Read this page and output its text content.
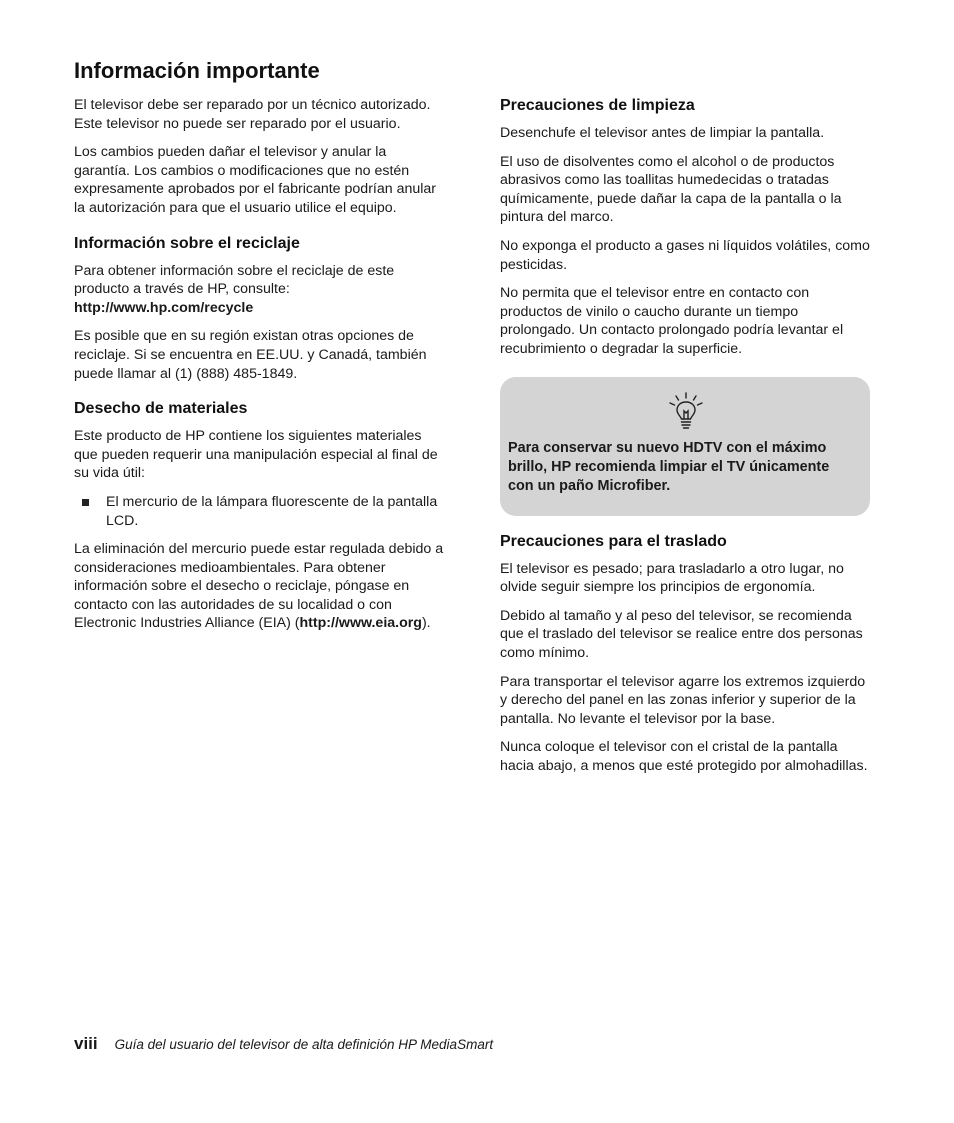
Información importante

El televisor debe ser reparado por un técnico autorizado. Este televisor no puede ser reparado por el usuario.

Los cambios pueden dañar el televisor y anular la garantía. Los cambios o modificaciones que no estén expresamente aprobados por el fabricante podrían anular la autorización para que el usuario utilice el equipo.

Información sobre el reciclaje

Para obtener información sobre el reciclaje de este producto a través de HP, consulte:
http://www.hp.com/recycle

Es posible que en su región existan otras opciones de reciclaje. Si se encuentra en EE.UU. y Canadá, también puede llamar al (1) (888) 485-1849.

Desecho de materiales

Este producto de HP contiene los siguientes materiales que pueden requerir una manipulación especial al final de su vida útil:

El mercurio de la lámpara fluorescente de la pantalla LCD.

La eliminación del mercurio puede estar regulada debido a consideraciones medioambientales. Para obtener información sobre el desecho o reciclaje, póngase en contacto con las autoridades de su localidad o con Electronic Industries Alliance (EIA) (http://www.eia.org).

Precauciones de limpieza

Desenchufe el televisor antes de limpiar la pantalla.

El uso de disolventes como el alcohol o de productos abrasivos como las toallitas humedecidas o tratadas químicamente, puede dañar la capa de la pantalla o la pintura del marco.

No exponga el producto a gases ni líquidos volátiles, como pesticidas.

No permita que el televisor entre en contacto con productos de vinilo o caucho durante un tiempo prolongado. Un contacto prolongado podría levantar el recubrimiento o degradar la superficie.

Para conservar su nuevo HDTV con el máximo brillo, HP recomienda limpiar el TV únicamente con un paño Microfiber.

Precauciones para el traslado

El televisor es pesado; para trasladarlo a otro lugar, no olvide seguir siempre los principios de ergonomía.

Debido al tamaño y al peso del televisor, se recomienda que el traslado del televisor se realice entre dos personas como mínimo.

Para transportar el televisor agarre los extremos izquierdo y derecho del panel en las zonas inferior y superior de la pantalla. No levante el televisor por la base.

Nunca coloque el televisor con el cristal de la pantalla hacia abajo, a menos que esté protegido por almohadillas.

viii Guía del usuario del televisor de alta definición HP MediaSmart
